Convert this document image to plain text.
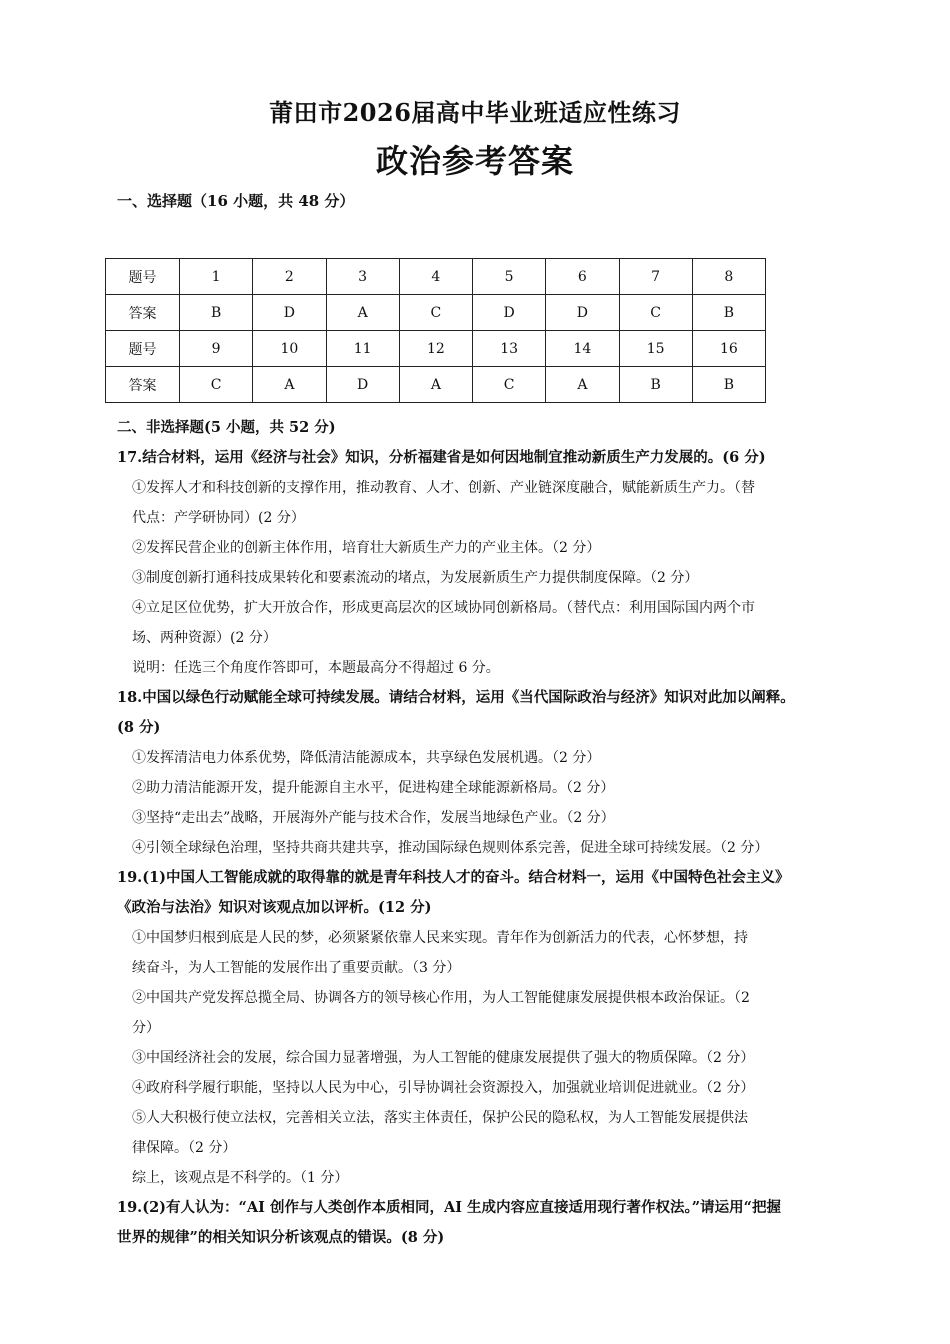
莆田市2026届高中毕业班适应性练习
政治参考答案
一、选择题（16 小题，共 48 分）
题号	1	2	3	4	5	6	7	8
答案	B	D	A	C	D	D	C	B
题号	9	10	11	12	13	14	15	16
答案	C	A	D	A	C	A	B	B
二、非选择题(5 小题，共 52 分)
17.结合材料，运用《经济与社会》知识，分析福建省是如何因地制宜推动新质生产力发展的。(6 分)
①发挥人才和科技创新的支撑作用，推动教育、人才、创新、产业链深度融合，赋能新质生产力。（替
代点：产学研协同）(2 分）
②发挥民营企业的创新主体作用，培育壮大新质生产力的产业主体。（2 分）
③制度创新打通科技成果转化和要素流动的堵点，为发展新质生产力提供制度保障。（2 分）
④立足区位优势，扩大开放合作，形成更高层次的区域协同创新格局。（替代点：利用国际国内两个市
场、两种资源）(2 分）
说明：任选三个角度作答即可，本题最高分不得超过 6 分。
18.中国以绿色行动赋能全球可持续发展。请结合材料，运用《当代国际政治与经济》知识对此加以阐释。
(8 分)
①发挥清洁电力体系优势，降低清洁能源成本，共享绿色发展机遇。（2 分）
②助力清洁能源开发，提升能源自主水平，促进构建全球能源新格局。（2 分）
③坚持“走出去”战略，开展海外产能与技术合作，发展当地绿色产业。（2 分）
④引领全球绿色治理，坚持共商共建共享，推动国际绿色规则体系完善，促进全球可持续发展。（2 分）
19.(1)中国人工智能成就的取得靠的就是青年科技人才的奋斗。结合材料一，运用《中国特色社会主义》
《政治与法治》知识对该观点加以评析。(12 分)
①中国梦归根到底是人民的梦，必须紧紧依靠人民来实现。青年作为创新活力的代表，心怀梦想，持
续奋斗，为人工智能的发展作出了重要贡献。（3 分）
②中国共产党发挥总揽全局、协调各方的领导核心作用，为人工智能健康发展提供根本政治保证。（2
分）
③中国经济社会的发展，综合国力显著增强，为人工智能的健康发展提供了强大的物质保障。（2 分）
④政府科学履行职能，坚持以人民为中心，引导协调社会资源投入，加强就业培训促进就业。（2 分）
⑤人大积极行使立法权，完善相关立法，落实主体责任，保护公民的隐私权，为人工智能发展提供法
律保障。（2 分）
综上，该观点是不科学的。（1 分）
19.(2)有人认为：“AI 创作与人类创作本质相同，AI 生成内容应直接适用现行著作权法。”请运用“把握
世界的规律”的相关知识分析该观点的错误。(8 分)
